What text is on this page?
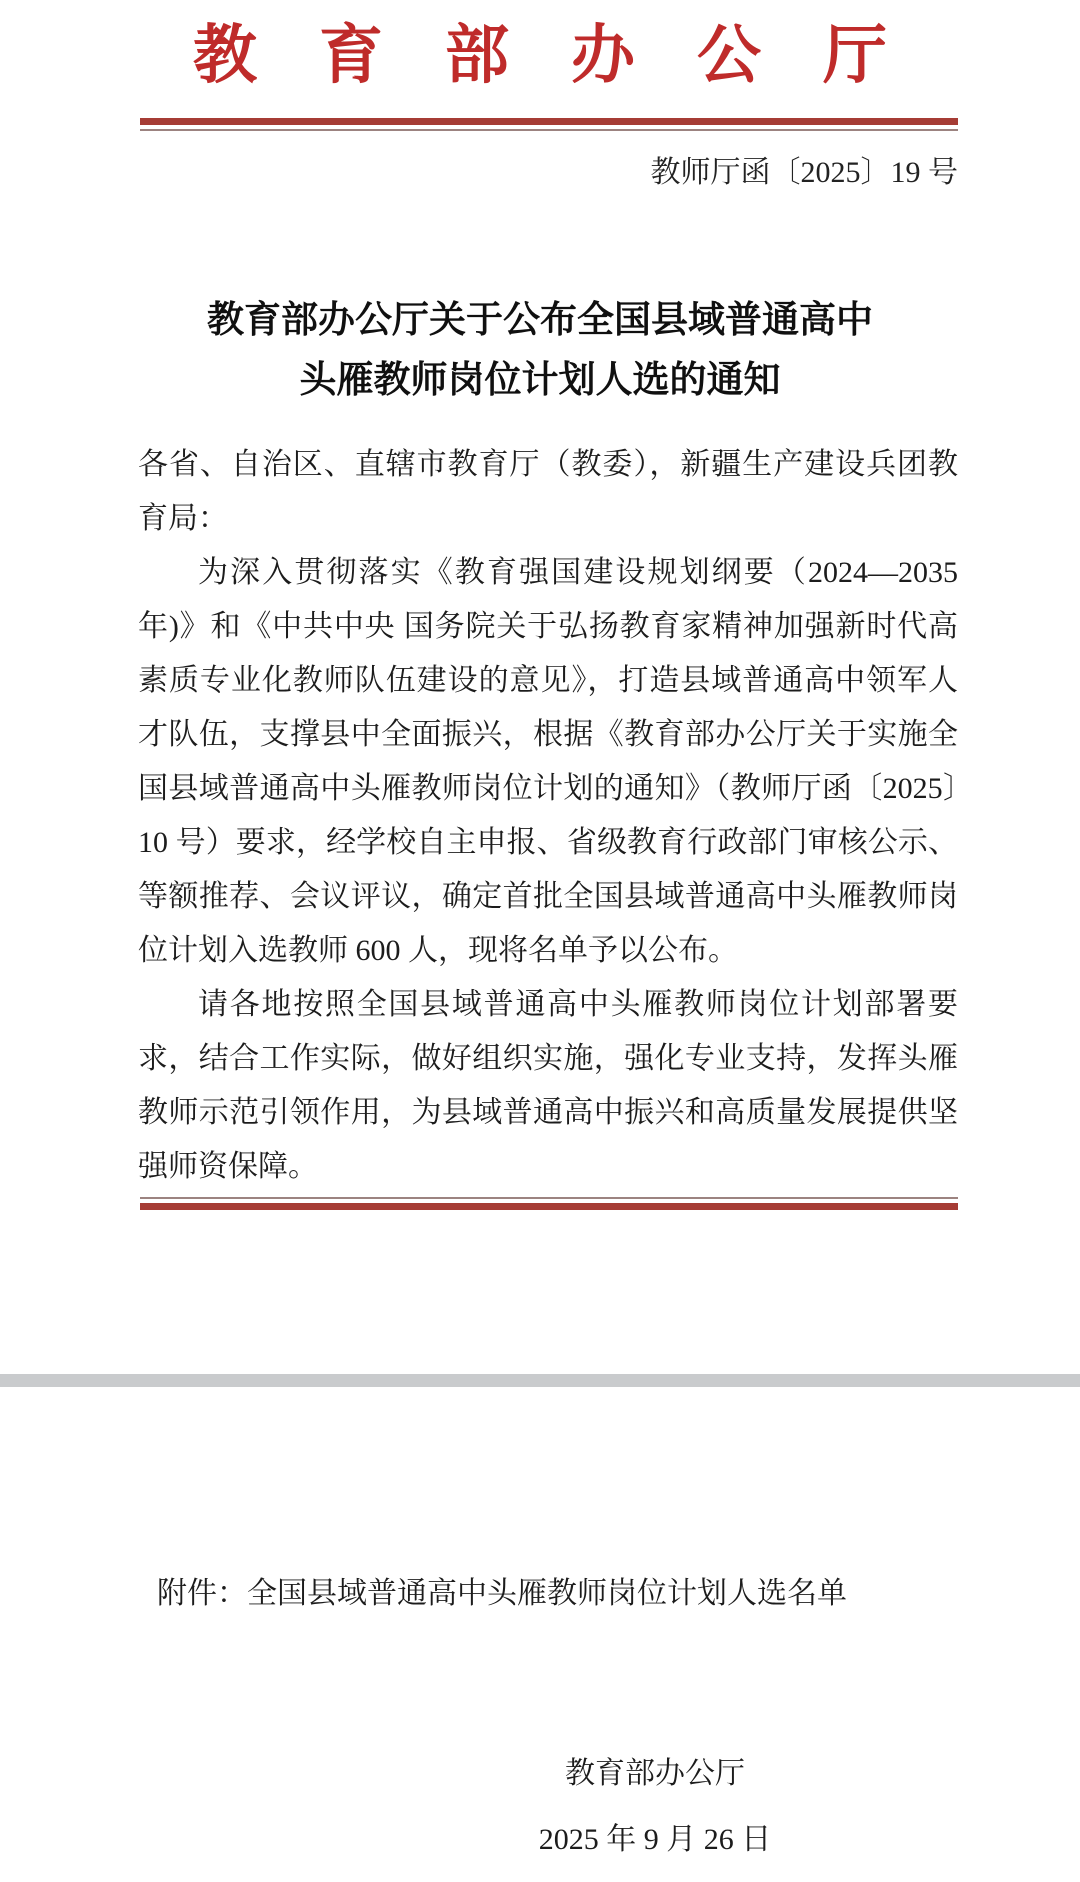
教育部办公厅
教师厅函〔2025〕19 号
教育部办公厅关于公布全国县域普通高中
头雁教师岗位计划人选的通知

各省、自治区、直辖市教育厅（教委），新疆生产建设兵团教育局：

为深入贯彻落实《教育强国建设规划纲要（2024—2035年)》和《中共中央 国务院关于弘扬教育家精神加强新时代高素质专业化教师队伍建设的意见》，打造县域普通高中领军人才队伍，支撑县中全面振兴，根据《教育部办公厅关于实施全国县域普通高中头雁教师岗位计划的通知》（教师厅函〔2025〕10 号）要求，经学校自主申报、省级教育行政部门审核公示、等额推荐、会议评议，确定首批全国县域普通高中头雁教师岗位计划入选教师 600 人，现将名单予以公布。

请各地按照全国县域普通高中头雁教师岗位计划部署要求，结合工作实际，做好组织实施，强化专业支持，发挥头雁教师示范引领作用，为县域普通高中振兴和高质量发展提供坚强师资保障。

附件：全国县域普通高中头雁教师岗位计划人选名单
教育部办公厅
2025 年 9 月 26 日
